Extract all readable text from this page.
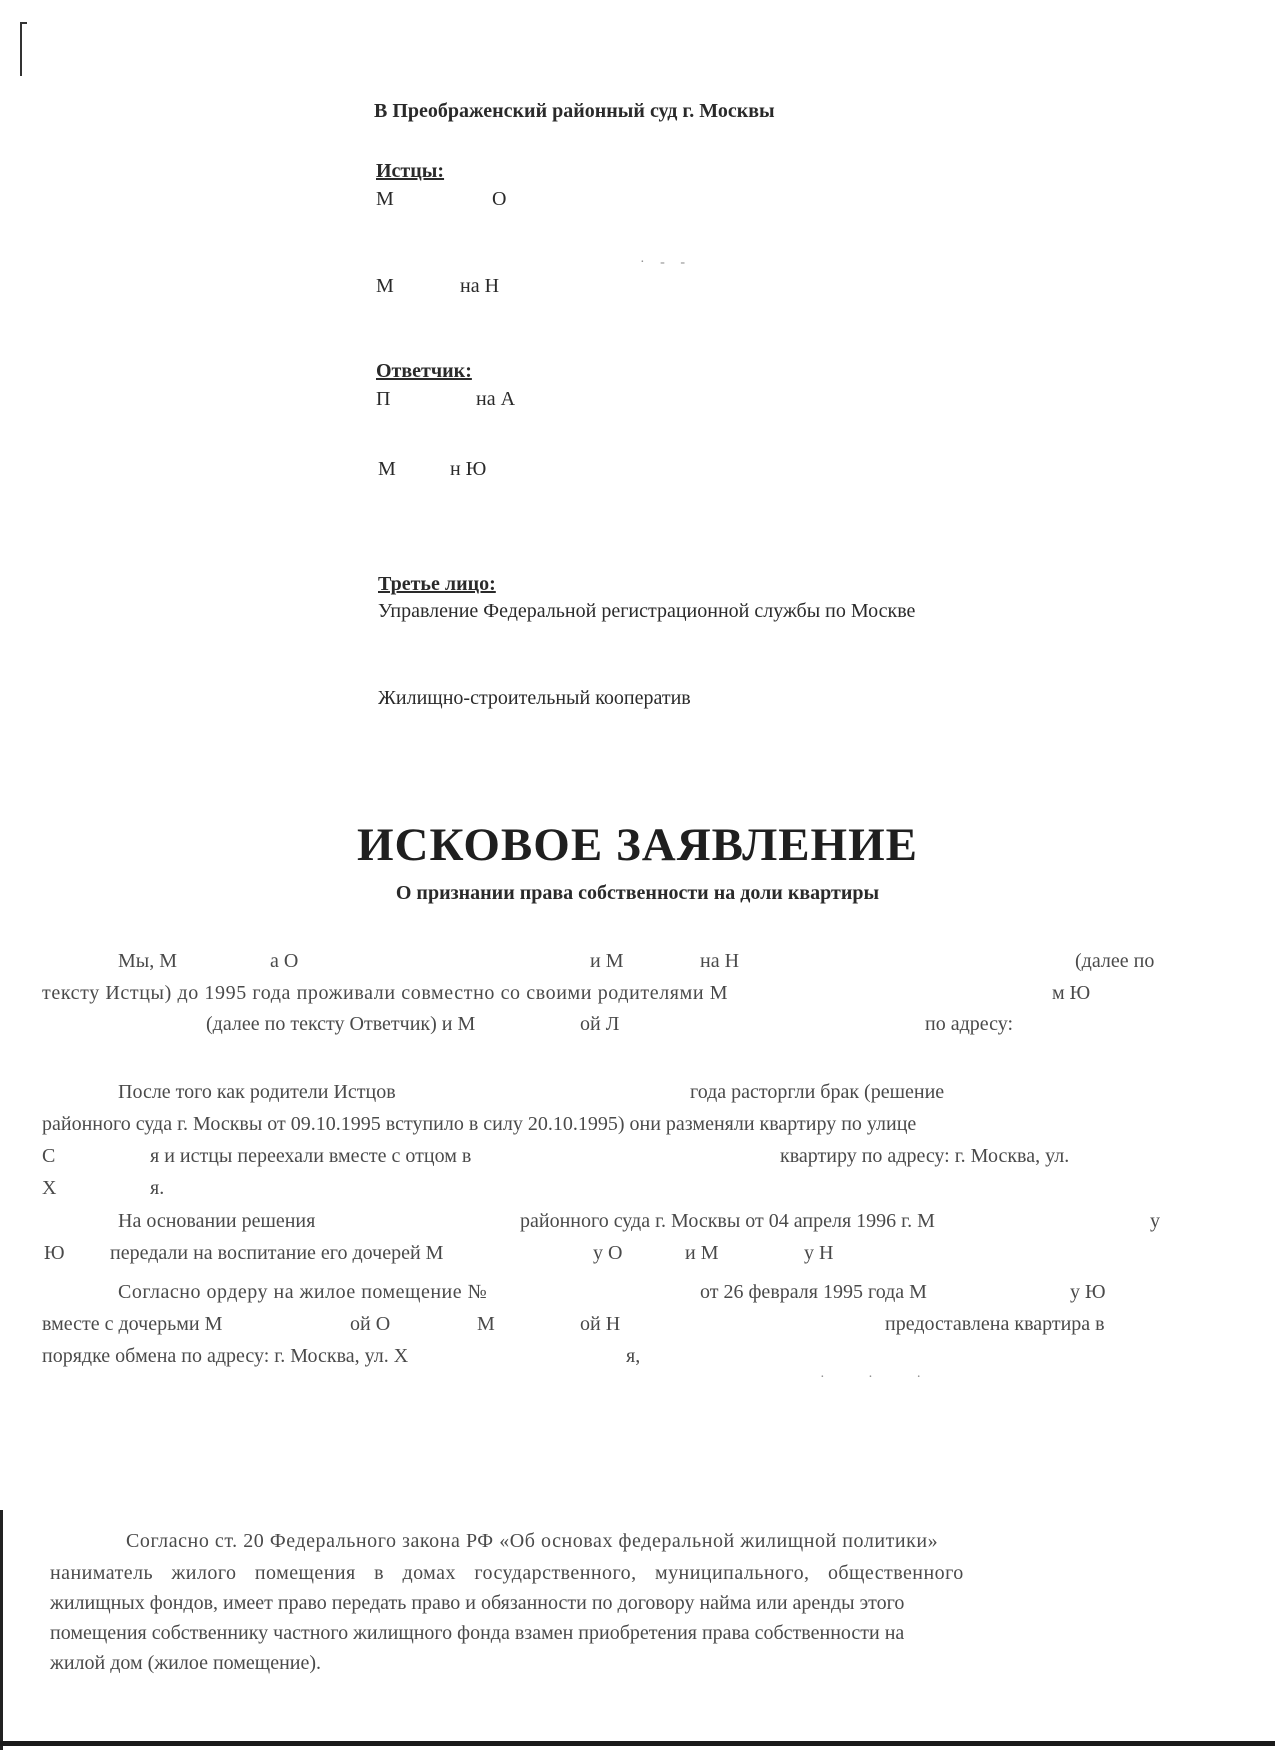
В Преображенский районный суд г. Москвы
Истцы:
М	О
· - -
М	на Н
Ответчик:
П	на А
М	н Ю
Третье лицо:
Управление Федеральной регистрационной службы по Москве
Жилищно-строительный кооператив
ИСКОВОЕ ЗАЯВЛЕНИЕ
О признании права собственности на доли квартиры
Мы, М	а О	и М	на Н	(далее по
тексту Истцы) до 1995 года проживали совместно со своими родителями М	м Ю
(далее по тексту Ответчик) и М	ой Л	по адресу:
После того как родители Истцов	года расторгли брак (решение
районного суда г. Москвы от 09.10.1995 вступило в силу 20.10.1995) они разменяли квартиру по улице
С	я и истцы переехали вместе с отцом в	квартиру по адресу: г. Москва, ул.
Х	я.
На основании решения	районного суда г. Москвы от 04 апреля 1996 г. М	у
Ю передали на воспитание его дочерей М	у О	и М	у Н
Согласно ордеру на жилое помещение №	от 26 февраля 1995 года М	у Ю
вместе с дочерьми М	ой О	М	ой Н	предоставлена квартира в
порядке обмена по адресу: г. Москва, ул. Х	я,
· · ·
Согласно ст. 20 Федерального закона РФ «Об основах федеральной жилищной политики»
наниматель жилого помещения в домах государственного, муниципального, общественного
жилищных фондов, имеет право передать право и обязанности по договору найма или аренды этого
помещения собственнику частного жилищного фонда взамен приобретения права собственности на
жилой дом (жилое помещение).
